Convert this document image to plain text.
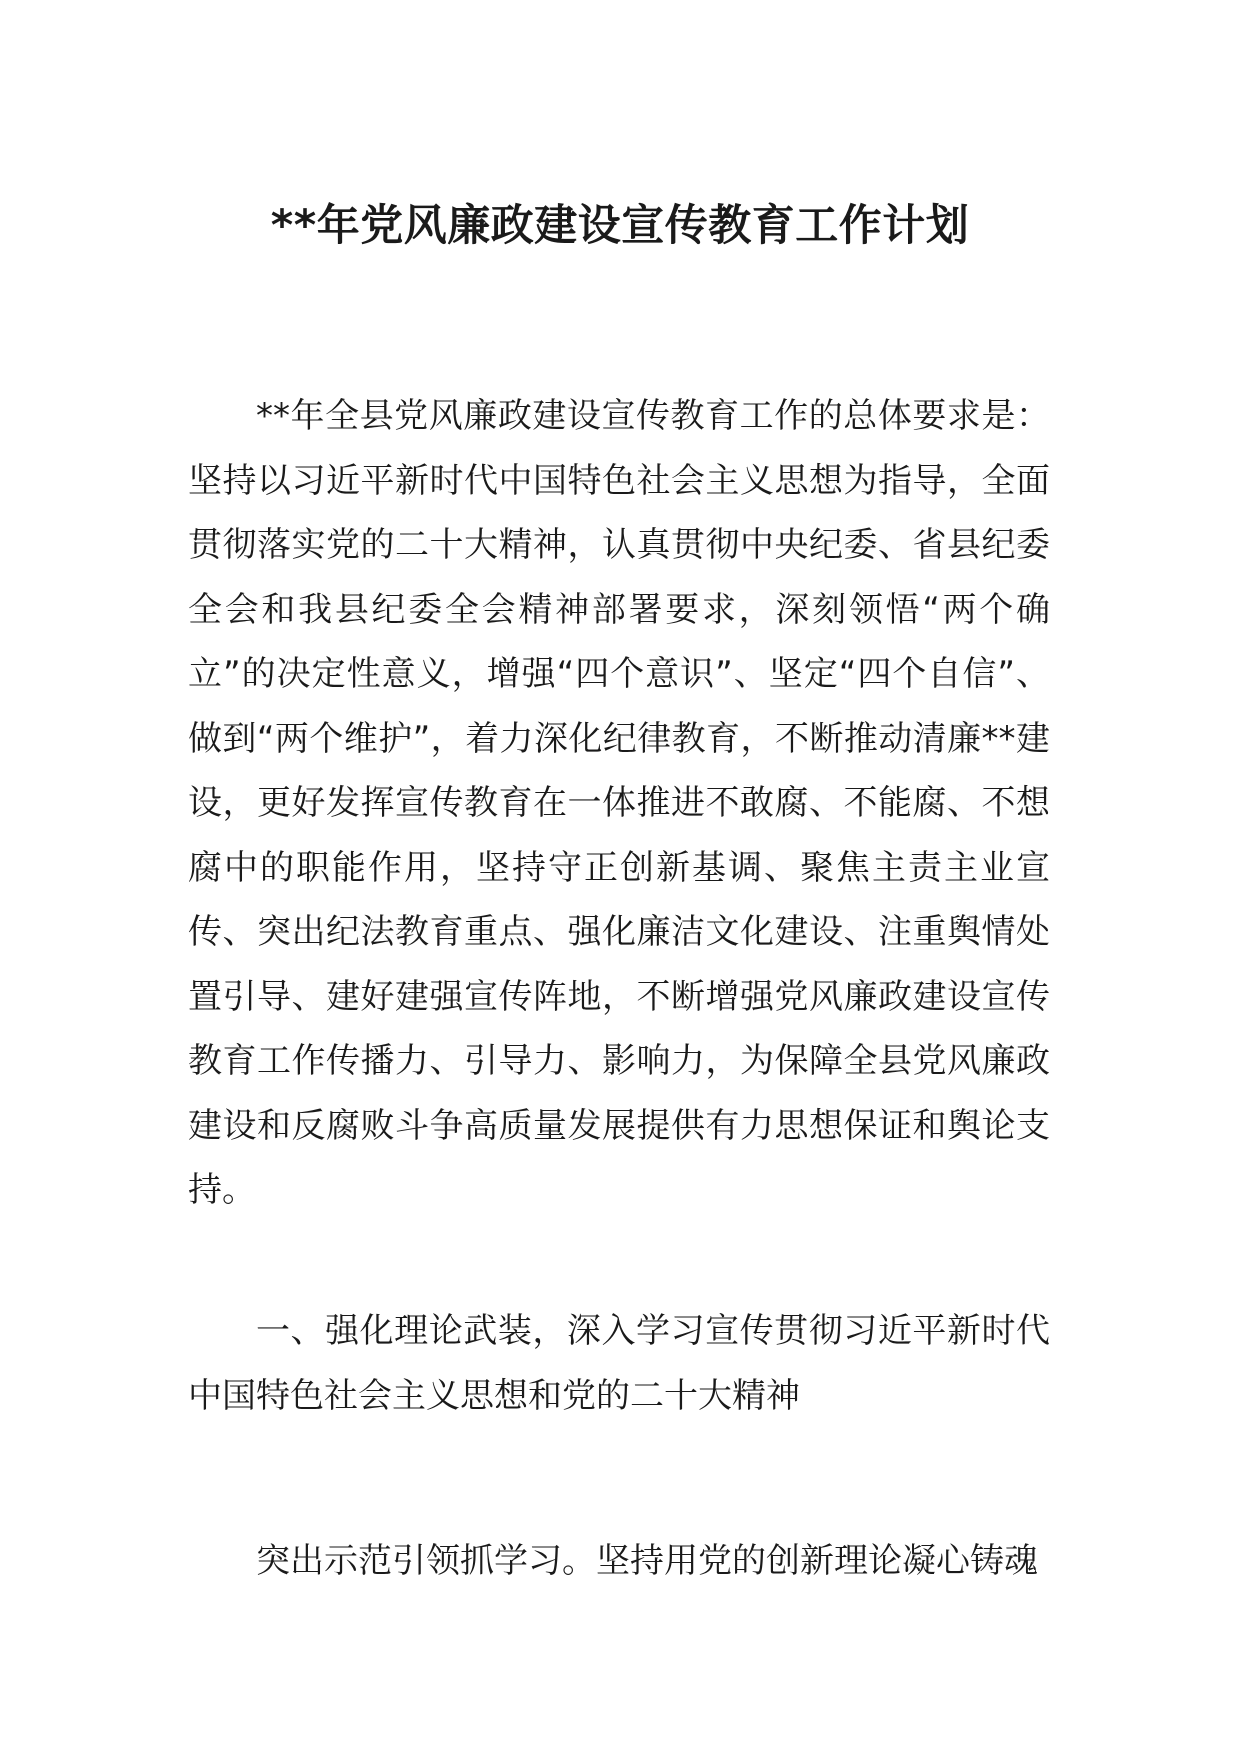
**年党风廉政建设宣传教育工作计划

**年全县党风廉政建设宣传教育工作的总体要求是：坚持以习近平新时代中国特色社会主义思想为指导，全面贯彻落实党的二十大精神，认真贯彻中央纪委、省县纪委全会和我县纪委全会精神部署要求，深刻领悟“两个确立”的决定性意义，增强“四个意识”、坚定“四个自信”、做到“两个维护”，着力深化纪律教育，不断推动清廉**建设，更好发挥宣传教育在一体推进不敢腐、不能腐、不想腐中的职能作用，坚持守正创新基调、聚焦主责主业宣传、突出纪法教育重点、强化廉洁文化建设、注重舆情处置引导、建好建强宣传阵地，不断增强党风廉政建设宣传教育工作传播力、引导力、影响力，为保障全县党风廉政建设和反腐败斗争高质量发展提供有力思想保证和舆论支持。

一、强化理论武装，深入学习宣传贯彻习近平新时代中国特色社会主义思想和党的二十大精神

突出示范引领抓学习。坚持用党的创新理论凝心铸魂
